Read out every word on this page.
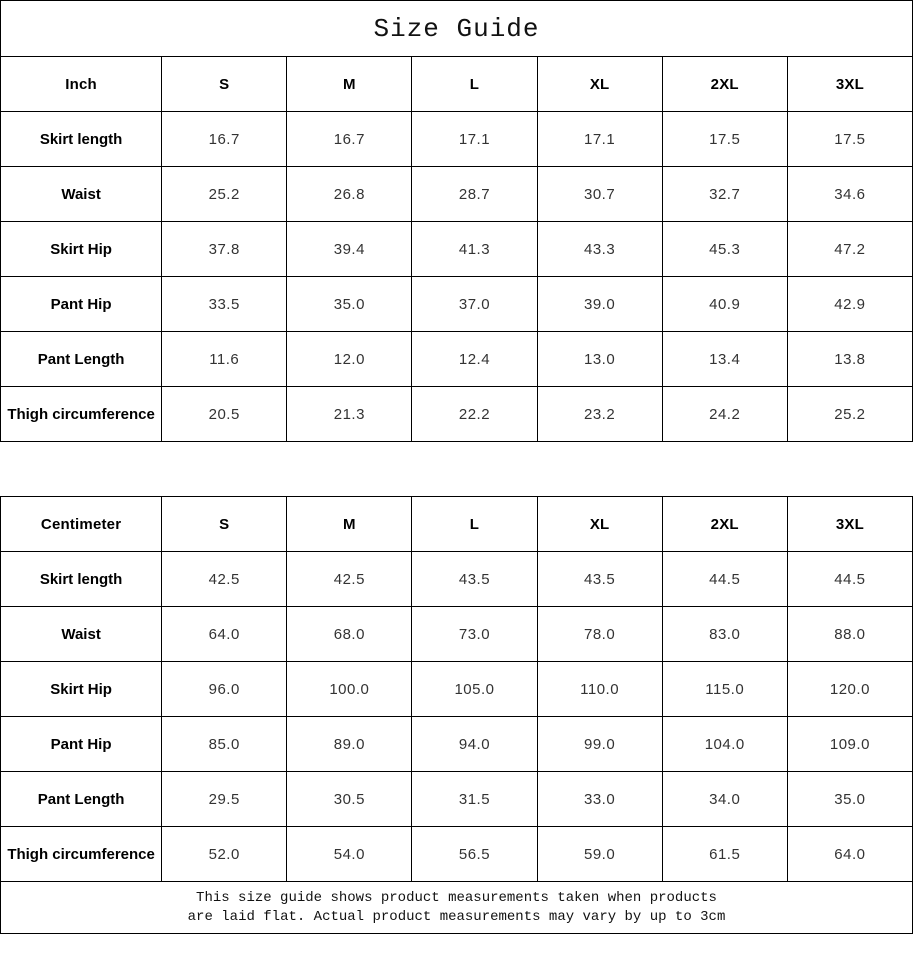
Size Guide						
Inch	S	M	L	XL	2XL	3XL
Skirt length	16.7	16.7	17.1	17.1	17.5	17.5
Waist	25.2	26.8	28.7	30.7	32.7	34.6
Skirt Hip	37.8	39.4	41.3	43.3	45.3	47.2
Pant Hip	33.5	35.0	37.0	39.0	40.9	42.9
Pant Length	11.6	12.0	12.4	13.0	13.4	13.8
Thigh circumference	20.5	21.3	22.2	23.2	24.2	25.2
Centimeter	S	M	L	XL	2XL	3XL
Skirt length	42.5	42.5	43.5	43.5	44.5	44.5
Waist	64.0	68.0	73.0	78.0	83.0	88.0
Skirt Hip	96.0	100.0	105.0	110.0	115.0	120.0
Pant Hip	85.0	89.0	94.0	99.0	104.0	109.0
Pant Length	29.5	30.5	31.5	33.0	34.0	35.0
Thigh circumference	52.0	54.0	56.5	59.0	61.5	64.0

This size guide shows product measurements taken when products
are laid flat. Actual product measurements may vary by up to 3cm						
